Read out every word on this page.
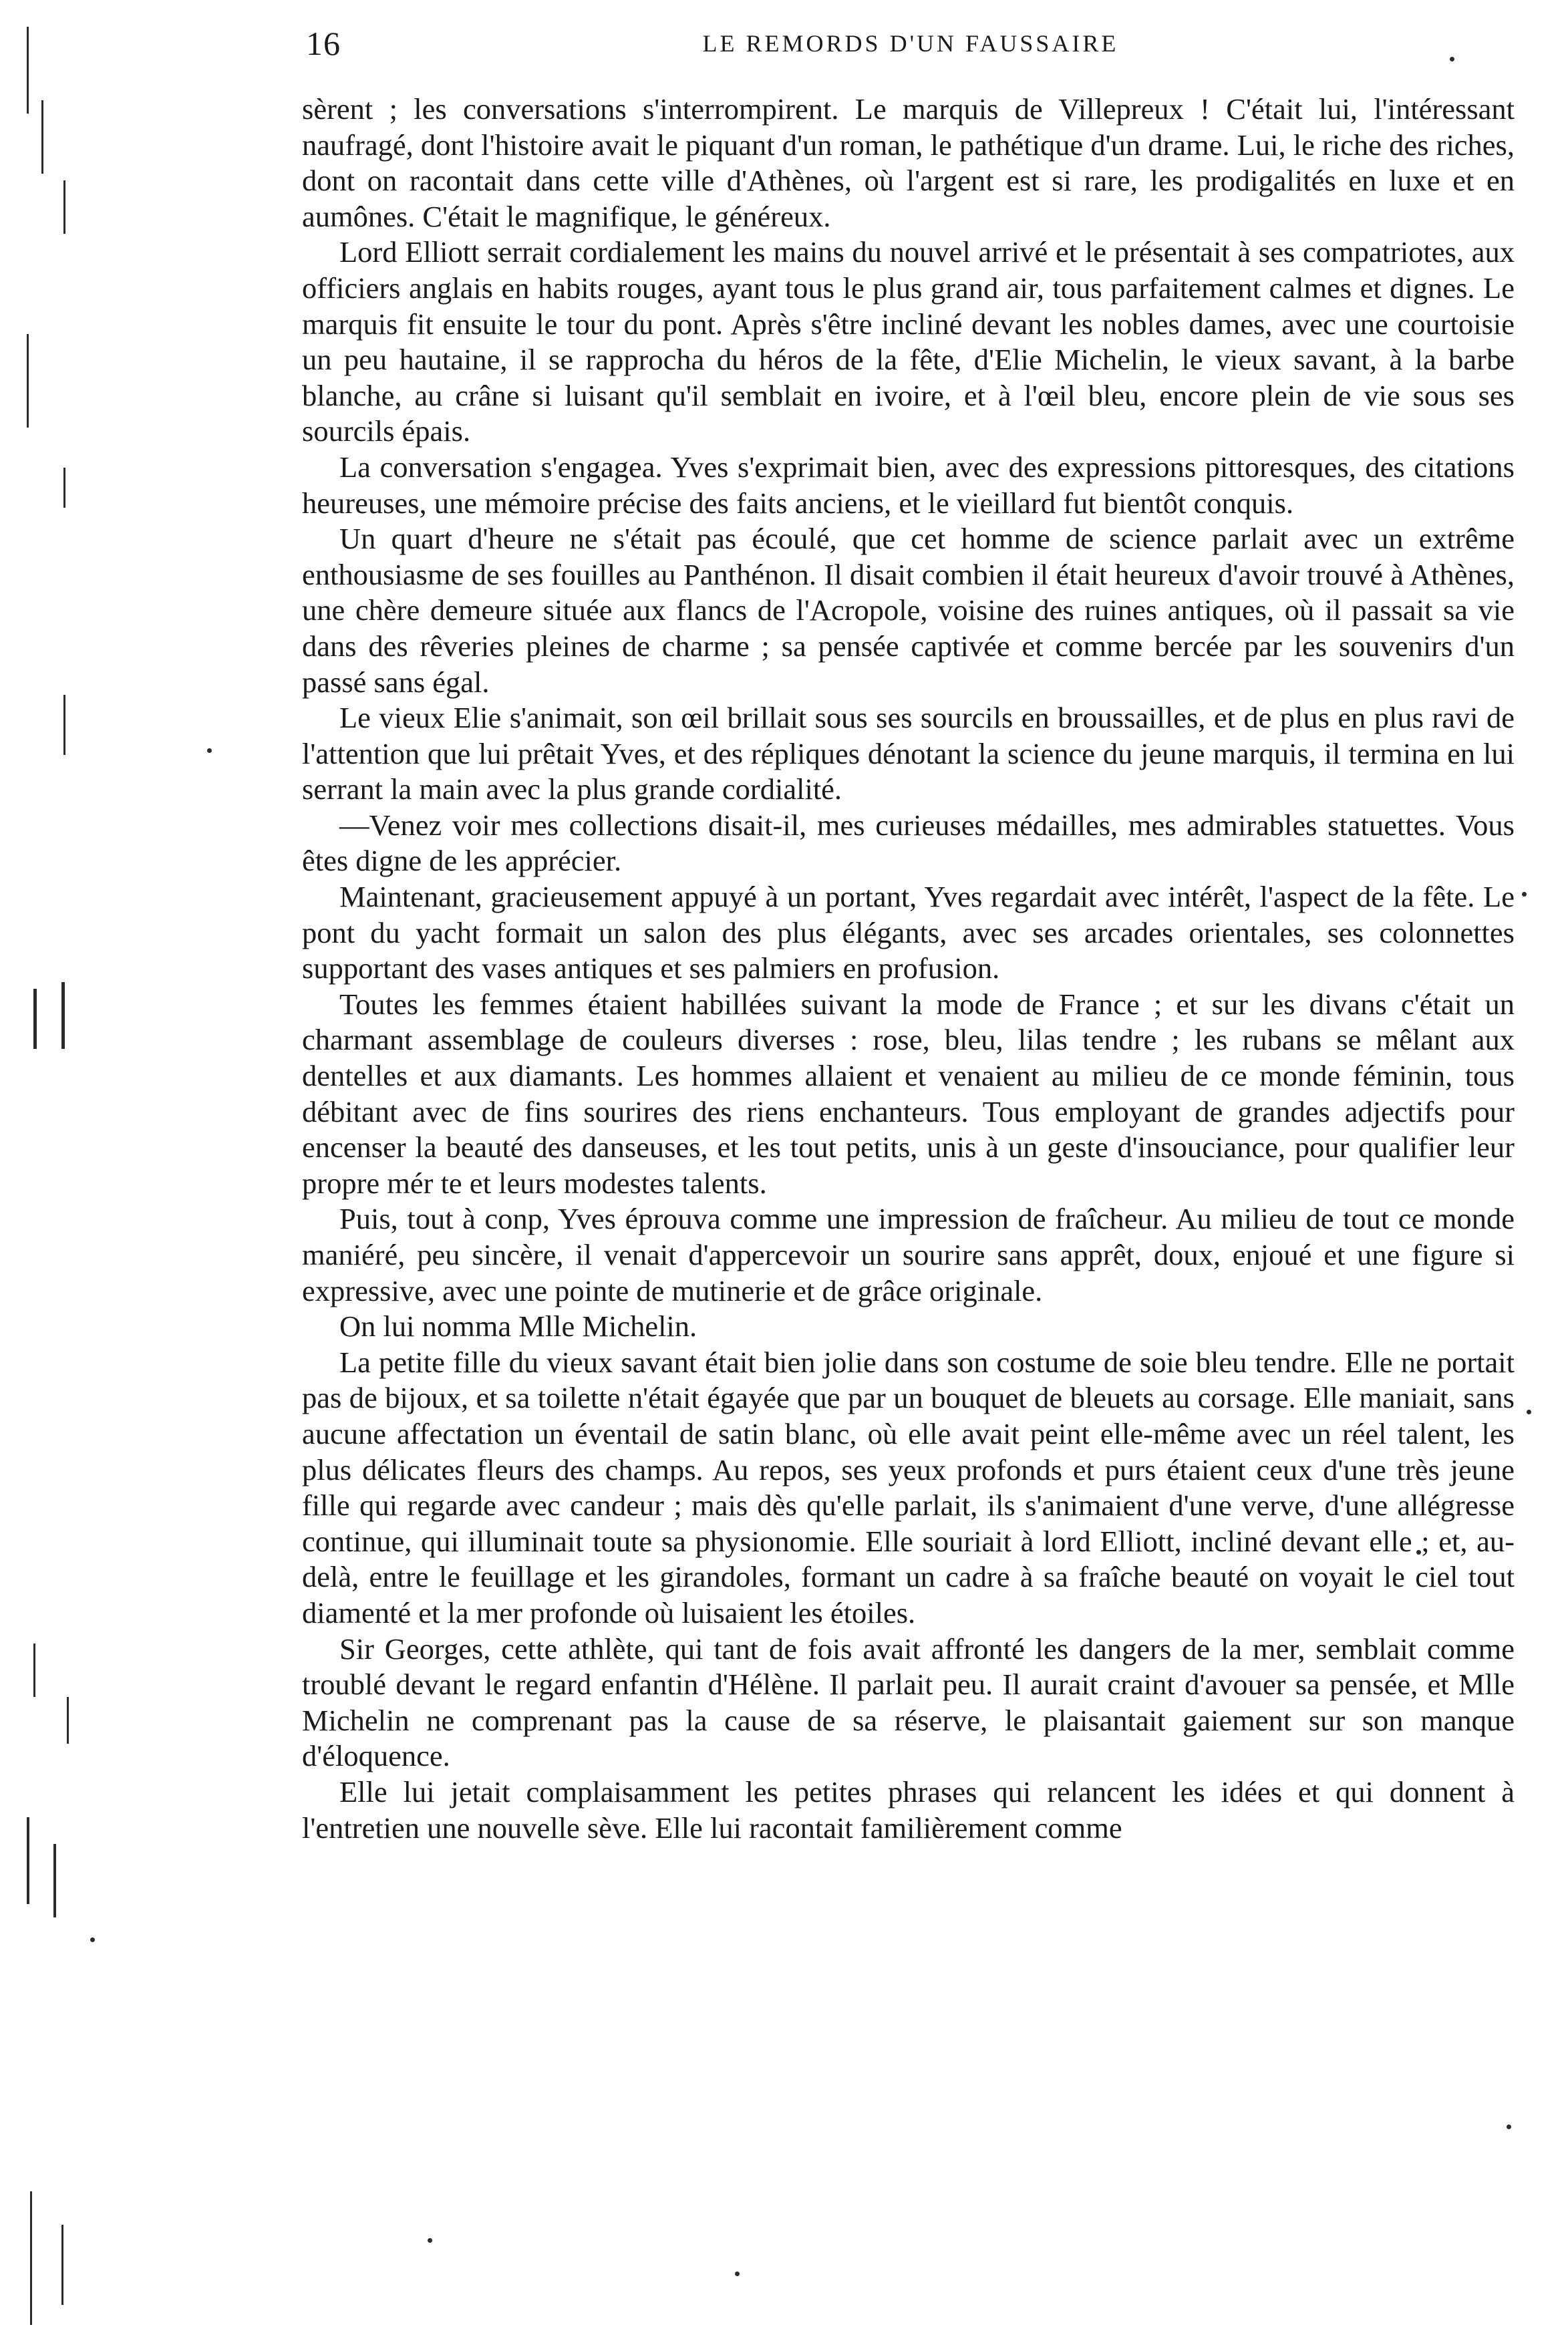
16	LE REMORDS D'UN FAUSSAIRE

sèrent ; les conversations s'interrompirent. Le marquis de Villepreux ! C'était lui, l'intéressant naufragé, dont l'histoire avait le piquant d'un roman, le pathétique d'un drame. Lui, le riche des riches, dont on racontait dans cette ville d'Athènes, où l'argent est si rare, les prodigalités en luxe et en aumônes. C'était le magnifique, le généreux.

Lord Elliott serrait cordialement les mains du nouvel arrivé et le présentait à ses compatriotes, aux officiers anglais en habits rouges, ayant tous le plus grand air, tous parfaitement calmes et dignes. Le marquis fit ensuite le tour du pont. Après s'être incliné devant les nobles dames, avec une courtoisie un peu hautaine, il se rapprocha du héros de la fête, d'Elie Michelin, le vieux savant, à la barbe blanche, au crâne si luisant qu'il semblait en ivoire, et à l'œil bleu, encore plein de vie sous ses sourcils épais.

La conversation s'engagea. Yves s'exprimait bien, avec des expressions pittoresques, des citations heureuses, une mémoire précise des faits anciens, et le vieillard fut bientôt conquis.

Un quart d'heure ne s'était pas écoulé, que cet homme de science parlait avec un extrême enthousiasme de ses fouilles au Panthénon. Il disait combien il était heureux d'avoir trouvé à Athènes, une chère demeure située aux flancs de l'Acropole, voisine des ruines antiques, où il passait sa vie dans des rêveries pleines de charme ; sa pensée captivée et comme bercée par les souvenirs d'un passé sans égal.

Le vieux Elie s'animait, son œil brillait sous ses sourcils en broussailles, et de plus en plus ravi de l'attention que lui prêtait Yves, et des répliques dénotant la science du jeune marquis, il termina en lui serrant la main avec la plus grande cordialité.

—Venez voir mes collections disait-il, mes curieuses médailles, mes admirables statuettes. Vous êtes digne de les apprécier.

Maintenant, gracieusement appuyé à un portant, Yves regardait avec intérêt, l'aspect de la fête. Le pont du yacht formait un salon des plus élégants, avec ses arcades orientales, ses colonnettes supportant des vases antiques et ses palmiers en profusion.

Toutes les femmes étaient habillées suivant la mode de France ; et sur les divans c'était un charmant assemblage de couleurs diverses : rose, bleu, lilas tendre ; les rubans se mêlant aux dentelles et aux diamants. Les hommes allaient et venaient au milieu de ce monde féminin, tous débitant avec de fins sourires des riens enchanteurs. Tous employant de grandes adjectifs pour encenser la beauté des danseuses, et les tout petits, unis à un geste d'insouciance, pour qualifier leur propre mér te et leurs modestes talents.

Puis, tout à conp, Yves éprouva comme une impression de fraîcheur. Au milieu de tout ce monde maniéré, peu sincère, il venait d'appercevoir un sourire sans apprêt, doux, enjoué et une figure si expressive, avec une pointe de mutinerie et de grâce originale.

On lui nomma Mlle Michelin.

La petite fille du vieux savant était bien jolie dans son costume de soie bleu tendre. Elle ne portait pas de bijoux, et sa toilette n'était égayée que par un bouquet de bleuets au corsage. Elle maniait, sans aucune affectation un éventail de satin blanc, où elle avait peint elle-même avec un réel talent, les plus délicates fleurs des champs. Au repos, ses yeux profonds et purs étaient ceux d'une très jeune fille qui regarde avec candeur ; mais dès qu'elle parlait, ils s'animaient d'une verve, d'une allégresse continue, qui illuminait toute sa physionomie. Elle souriait à lord Elliott, incliné devant elle ; et, au-delà, entre le feuillage et les girandoles, formant un cadre à sa fraîche beauté on voyait le ciel tout diamenté et la mer profonde où luisaient les étoiles.

Sir Georges, cette athlète, qui tant de fois avait affronté les dangers de la mer, semblait comme troublé devant le regard enfantin d'Hélène. Il parlait peu. Il aurait craint d'avouer sa pensée, et Mlle Michelin ne comprenant pas la cause de sa réserve, le plaisantait gaiement sur son manque d'éloquence.

Elle lui jetait complaisamment les petites phrases qui relancent les idées et qui donnent à l'entretien une nouvelle sève. Elle lui racontait familièrement comme
